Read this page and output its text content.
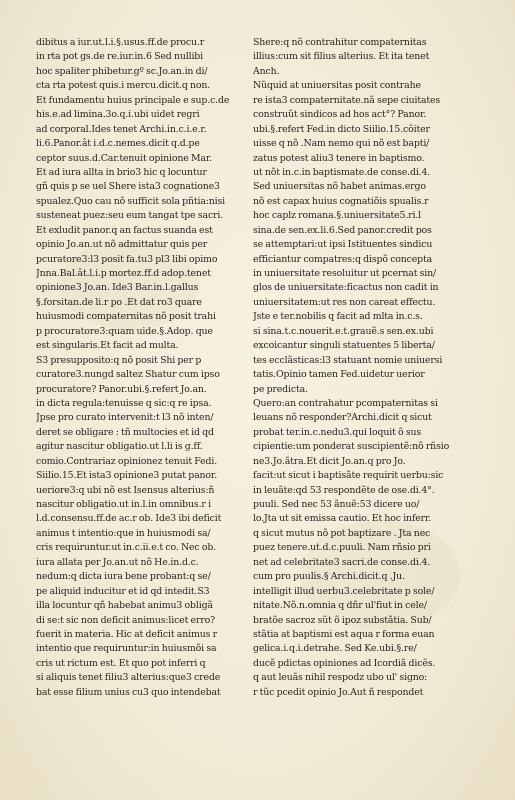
dibitus a iur.ut.l.i.§.usus.ff.de procu.r
in rta pot gs.de re.iur.in.6 Sed nullibi
hoc spaliter phibetur.gº sc.Jo.an.in di/
cta rta potest quis.i mercu.dicit.q non.
Et fundamentu huius principale e sup.c.de
his.e.ad limina.3o.q.i.ubi uidet regri
ad corporal.Ides tenet Archi.in.c.i.e.r.
li.6.Panor.ât i.d.c.nemes.dicit q.d.pe
ceptor suus.d.Car.tenuit opinione Mar.
Et ad iura allta in brio3 hic q locuntur
gñ quis p se uel Shere ista3 cognatione3
spualez.Quo cau nõ sufficit sola pñtia:nisi
susteneat puez:seu eum tangat tpe sacri.
Et exludit panor.q an factus suanda est
opinio Jo.an.ut nõ admittatur quis per
pcuratore3:l3 posit fa.tu3 pl3 libi opimo
Jnna.Bal.ât.l.i.p mortez.ff.d adop.tenet
opinione3 Jo.an. Ide3 Bar.in.l.gallus
§.forsitan.de li.r po .Et dat ro3 quare
huiusmodi compaternitas nõ posit trahi
p procuratore3:quam uide.§.Adop. que
est singularis.Et facit ad multa.
S3 presupposito:q nõ posit Shi per p
curatore3.nungd saltez Shatur cum ipso
procuratore? Panor.ubi.§.refert Jo.an.
in dicta regula:tenuisse q sic:q re ipsa.
Jpse pro curato intervenit:t l3 nõ inten/
deret se obligare : tñ multocies et id qd
agitur nascitur obligatio.ut l.li is g.ff.
comio.Contrariaz opinionez tenuit Fedi.
Siilio.15.Et ista3 opinione3 putat panor.
ueriore3:q ubi nõ est Isensus alterius:ñ
nascitur obligatio.ut in.l.in omnibus.r i
l.d.consensu.ff.de ac.r ob. Ide3 ibi deficit
animus t intentio:que in huiusmodi sa/
cris requiruntur.ut in.c.ii.e.t co. Nec ob.
iura allata per Jo.an.ut nõ He.in.d.c.
nedum:q dicta iura bene probant:q se/
pe aliquid inducitur et id qd intedit.S3
illa locuntur qñ habebat animu3 obligã
di se:t sic non deficit animus:licet erro?
fuerit in materia. Hic at deficit animus r
intentio que requiruntur:in huiusmõi sa
cris ut rictum est. Et quo pot inferri q
si aliquis tenet filiu3 alterius:que3 crede
bat esse filium unius cu3 quo intendebat
Shere:q nõ contrahitur compaternitas
illius:cum sit filius alterius. Et ita tenet
Anch.
Nũquid at uniuersitas posit contrahe
re ista3 compaternitate.nã sepe ciuitates
construũt sindicos ad hos act°? Panor.
ubi.§.refert Fed.in dicto Siilio.15.côiter
uisse q nõ .Nam nemo qui nõ est bapti/
zatus potest aliu3 tenere in baptismo.
ut nõt in.c.in baptismate.de conse.di.4.
Sed uniuersitas nõ habet animas.ergo
nõ est capax huius cognatiõis spualis.r
hoc caplz romana.§.uniuersitate5.ri.l
sina.de sen.ex.li.6.Sed panor.credit pos
se attemptari:ut ipsi Istituentes sindicu
efficiantur compatres:q dispõ concepta
in uniuersitate resoluitur ut pcernat sin/
glos de uniuersitate:ficactus non cadit in
uniuersitatem:ut res non careat effectu.
Jste e ter.nobilis q facit ad mlta in.c.s.
si sina.t.c.nouerit.e.t.grauẽ.s sen.ex.ubi
excoicantur singuli statuentes 5 liberta/
tes ecclãsticas:l3 statuant nomie uniuersi
tatis.Opinio tamen Fed.uidetur uerior
pe predicta.
Quero:an contrahatur pcompaternitas si
leuans nõ responder?Archi.dicit q sicut
probat ter.in.c.nedu3.qui loquit õ sus
cipientie:um ponderat suscipientẽ:nõ rñsio
ne3.Jo.ãtra.Et dicit Jo.an.q pro Jo.
facit:ut sicut i baptisãte requirit uerbu:sic
in leuãte:qd 53 respondẽte de ose.di.4°.
puuli. Sed nec 53 ãnuẽ:53 dicere uo/
lo.Jta ut sit emissa cautio. Et hoc inferr.
q sicut mutus nõ pot baptizare . Jta nec
puez tenere.ut.d.c.puuli. Nam rñsio pri
net ad celebritate3 sacri.de conse.di.4.
cum pro puulis.§ Archi.dicit.q .Ju.
intelligit illud uerbu3.celebritate p sole/
nitate.Nõ.n.omnia q dñr ul'fiut in cele/
bratõe sacroz sũt õ ipoz substãtia. Sub/
stãtia at baptismi est aqua r forma euan
gelica.i.q.i.detrahe. Sed Ke.ubi.§.re/
ducẽ pdictas opiniones ad Icordiã dicẽs.
q aut leuãs nihil respodz ubo ul' signo:
r tũc pcedit opinio Jo.Aut ñ respondet
